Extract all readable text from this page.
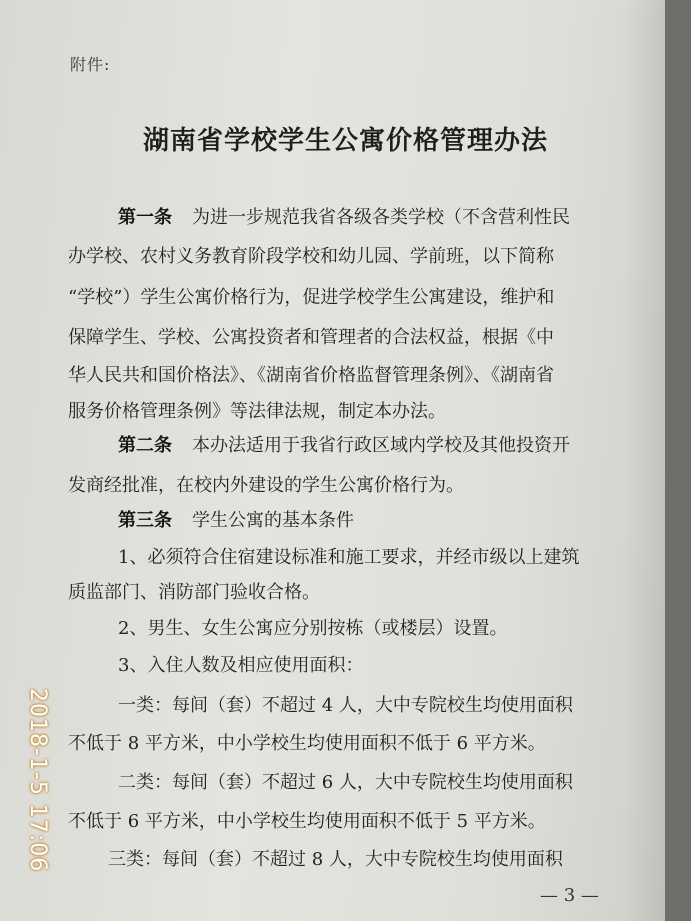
附件:
湖南省学校学生公寓价格管理办法
第一条 为进一步规范我省各级各类学校（不含营利性民
办学校、农村义务教育阶段学校和幼儿园、学前班，以下简称
“学校”）学生公寓价格行为，促进学校学生公寓建设，维护和
保障学生、学校、公寓投资者和管理者的合法权益，根据《中
华人民共和国价格法》、《湖南省价格监督管理条例》、《湖南省
服务价格管理条例》等法律法规，制定本办法。
第二条 本办法适用于我省行政区域内学校及其他投资开
发商经批准，在校内外建设的学生公寓价格行为。
第三条 学生公寓的基本条件
1、必须符合住宿建设标准和施工要求，并经市级以上建筑
质监部门、消防部门验收合格。
2、男生、女生公寓应分别按栋（或楼层）设置。
3、入住人数及相应使用面积：
一类：每间（套）不超过 4 人，大中专院校生均使用面积
不低于 8 平方米，中小学校生均使用面积不低于 6 平方米。
二类：每间（套）不超过 6 人，大中专院校生均使用面积
不低于 6 平方米，中小学校生均使用面积不低于 5 平方米。
三类：每间（套）不超过 8 人，大中专院校生均使用面积
— 3 —
2018-1-5 17:06
